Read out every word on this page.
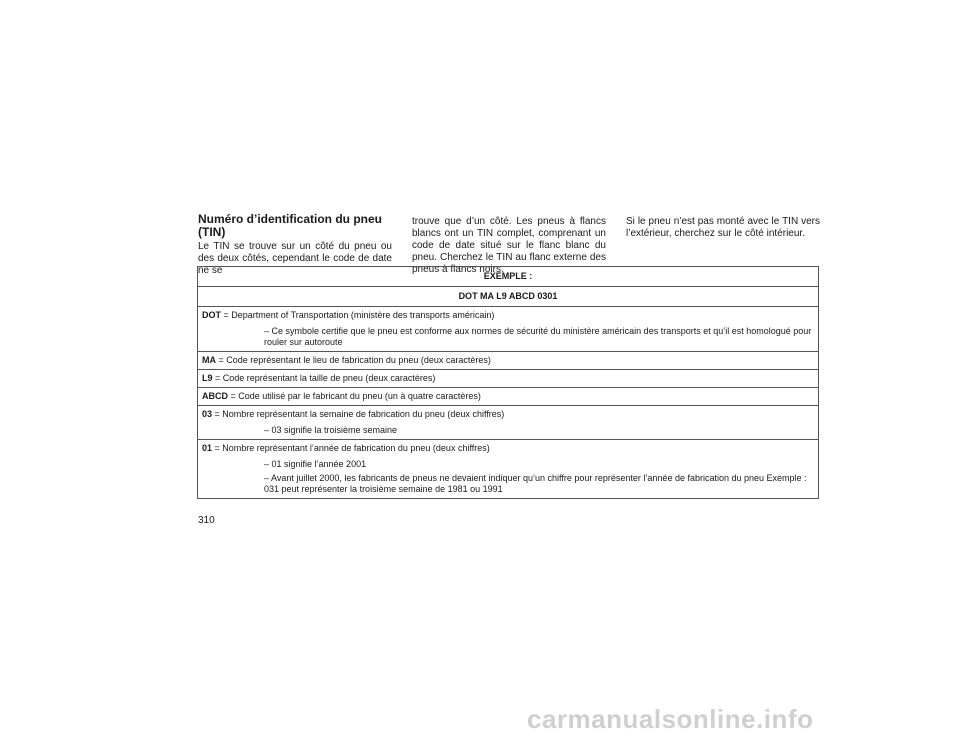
Numéro d’identification du pneu (TIN)

Le TIN se trouve sur un côté du pneu ou des deux côtés, cependant le code de date ne se

trouve que d’un côté. Les pneus à flancs blancs ont un TIN complet, comprenant un code de date situé sur le flanc blanc du pneu. Cherchez le TIN au flanc externe des pneus à flancs noirs.

Si le pneu n’est pas monté avec le TIN vers l’extérieur, cherchez sur le côté intérieur.

EXEMPLE :
DOT MA L9 ABCD 0301
DOT = Department of Transportation (ministère des transports américain)
– Ce symbole certifie que le pneu est conforme aux normes de sécurité du ministère américain des transports et qu’il est homologué pour rouler sur autoroute

MA = Code représentant le lieu de fabrication du pneu (deux caractères)
L9 = Code représentant la taille de pneu (deux caractères)
ABCD = Code utilisé par le fabricant du pneu (un à quatre caractères)
03 = Nombre représentant la semaine de fabrication du pneu (deux chiffres)
– 03 signifie la troisième semaine

01 = Nombre représentant l’année de fabrication du pneu (deux chiffres)
– 01 signifie l’année 2001
– Avant juillet 2000, les fabricants de pneus ne devaient indiquer qu’un chiffre pour représenter l’année de fabrication du pneu Exemple : 031 peut représenter la troisième semaine de 1981 ou 1991
310
carmanualsonline.info
